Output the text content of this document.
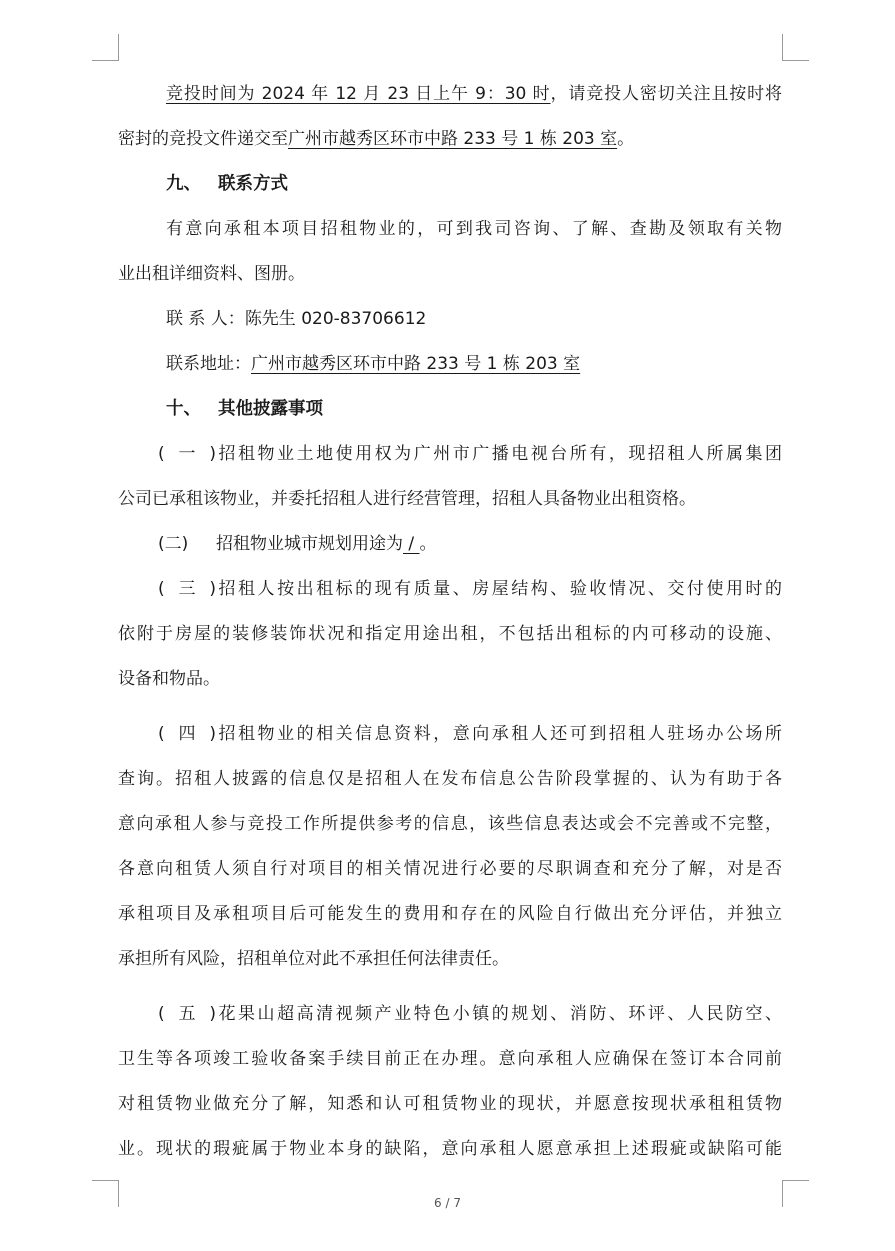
竞投时间为 2024 年 12 月 23 日上午 9：30 时，请竞投人密切关注且按时将
密封的竞投文件递交至广州市越秀区环市中路 233 号 1 栋 203 室。
九、 联系方式
有意向承租本项目招租物业的，可到我司咨询、了解、查勘及领取有关物
业出租详细资料、图册。
联 系 人：陈先生 020-83706612
联系地址：广州市越秀区环市中路 233 号 1 栋 203 室
十、 其他披露事项
(一)招租物业土地使用权为广州市广播电视台所有，现招租人所属集团
公司已承租该物业，并委托招租人进行经营管理，招租人具备物业出租资格。
(二) 招租物业城市规划用途为 / 。
(三)招租人按出租标的现有质量、房屋结构、验收情况、交付使用时的
依附于房屋的装修装饰状况和指定用途出租，不包括出租标的内可移动的设施、
设备和物品。
(四)招租物业的相关信息资料，意向承租人还可到招租人驻场办公场所
查询。招租人披露的信息仅是招租人在发布信息公告阶段掌握的、认为有助于各
意向承租人参与竞投工作所提供参考的信息，该些信息表达或会不完善或不完整，
各意向租赁人须自行对项目的相关情况进行必要的尽职调查和充分了解，对是否
承租项目及承租项目后可能发生的费用和存在的风险自行做出充分评估，并独立
承担所有风险，招租单位对此不承担任何法律责任。
(五)花果山超高清视频产业特色小镇的规划、消防、环评、人民防空、
卫生等各项竣工验收备案手续目前正在办理。意向承租人应确保在签订本合同前
对租赁物业做充分了解，知悉和认可租赁物业的现状，并愿意按现状承租租赁物
业。现状的瑕疵属于物业本身的缺陷，意向承租人愿意承担上述瑕疵或缺陷可能
6 / 7
